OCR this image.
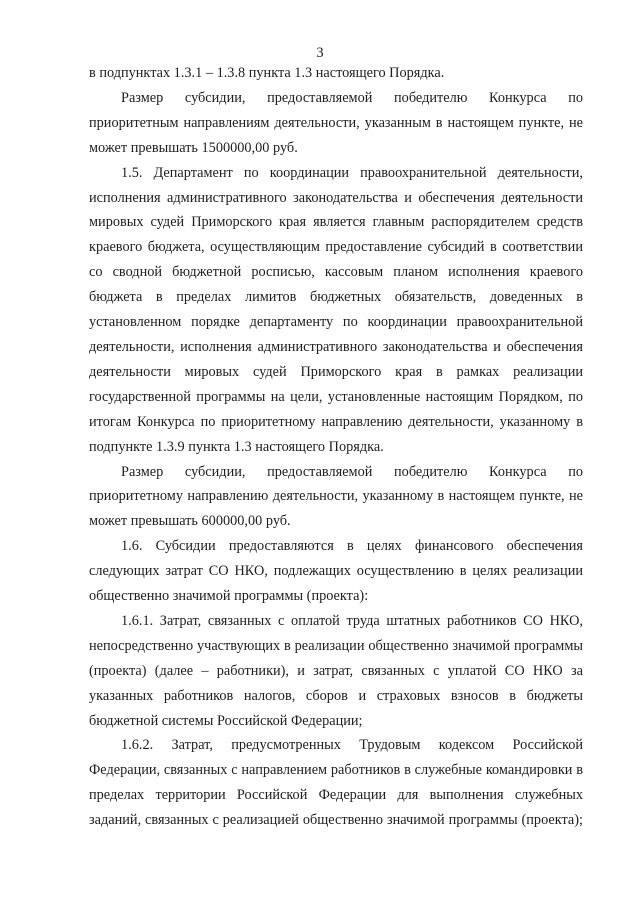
3

в подпунктах 1.3.1 – 1.3.8 пункта 1.3 настоящего Порядка.

Размер субсидии, предоставляемой победителю Конкурса по приоритетным направлениям деятельности, указанным в настоящем пункте, не может превышать 1500000,00 руб.

1.5. Департамент по координации правоохранительной деятельности, исполнения административного законодательства и обеспечения деятельности мировых судей Приморского края является главным распорядителем средств краевого бюджета, осуществляющим предоставление субсидий в соответствии со сводной бюджетной росписью, кассовым планом исполнения краевого бюджета в пределах лимитов бюджетных обязательств, доведенных в установленном порядке департаменту по координации правоохранительной деятельности, исполнения административного законодательства и обеспечения деятельности мировых судей Приморского края в рамках реализации государственной программы на цели, установленные настоящим Порядком, по итогам Конкурса по приоритетному направлению деятельности, указанному в подпункте 1.3.9 пункта 1.3 настоящего Порядка.

Размер субсидии, предоставляемой победителю Конкурса по приоритетному направлению деятельности, указанному в настоящем пункте, не может превышать 600000,00 руб.

1.6. Субсидии предоставляются в целях финансового обеспечения следующих затрат СО НКО, подлежащих осуществлению в целях реализации общественно значимой программы (проекта):

1.6.1. Затрат, связанных с оплатой труда штатных работников СО НКО, непосредственно участвующих в реализации общественно значимой программы (проекта) (далее – работники), и затрат, связанных с уплатой СО НКО за указанных работников налогов, сборов и страховых взносов в бюджеты бюджетной системы Российской Федерации;

1.6.2. Затрат, предусмотренных Трудовым кодексом Российской Федерации, связанных с направлением работников в служебные командировки в пределах территории Российской Федерации для выполнения служебных заданий, связанных с реализацией общественно значимой программы (проекта);
